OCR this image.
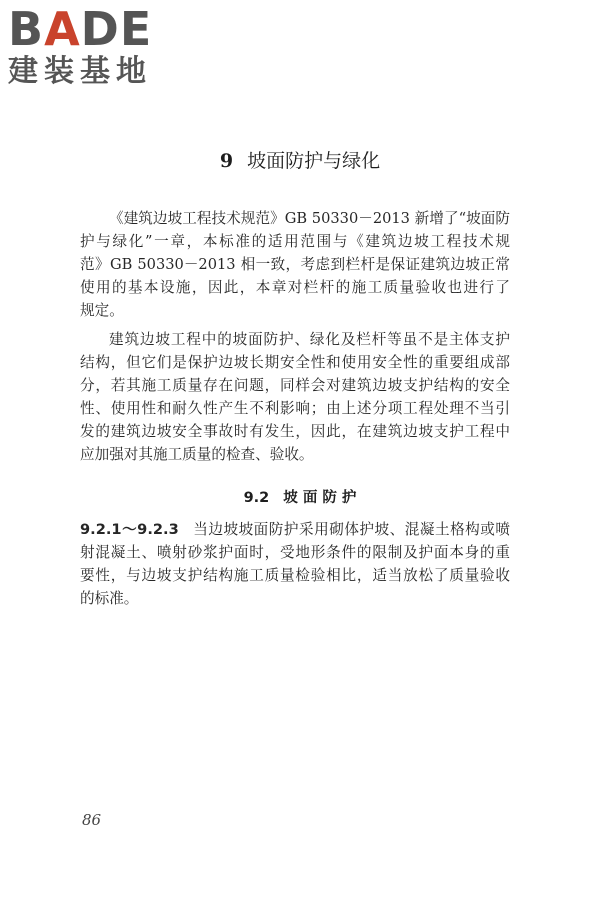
BADE
建装基地
9 坡面防护与绿化
《建筑边坡工程技术规范》GB 50330－2013 新增了“坡面防
护与绿化”一章，本标准的适用范围与《建筑边坡工程技术规
范》GB 50330－2013 相一致，考虑到栏杆是保证建筑边坡正常
使用的基本设施，因此，本章对栏杆的施工质量验收也进行了
规定。
建筑边坡工程中的坡面防护、绿化及栏杆等虽不是主体支护
结构，但它们是保护边坡长期安全性和使用安全性的重要组成部
分，若其施工质量存在问题，同样会对建筑边坡支护结构的安全
性、使用性和耐久性产生不利影响；由上述分项工程处理不当引
发的建筑边坡安全事故时有发生，因此，在建筑边坡支护工程中
应加强对其施工质量的检查、验收。
9.2 坡 面 防 护
9.2.1～9.2.3 当边坡坡面防护采用砌体护坡、混凝土格构或喷
射混凝土、喷射砂浆护面时，受地形条件的限制及护面本身的重
要性，与边坡支护结构施工质量检验相比，适当放松了质量验收
的标准。
86
